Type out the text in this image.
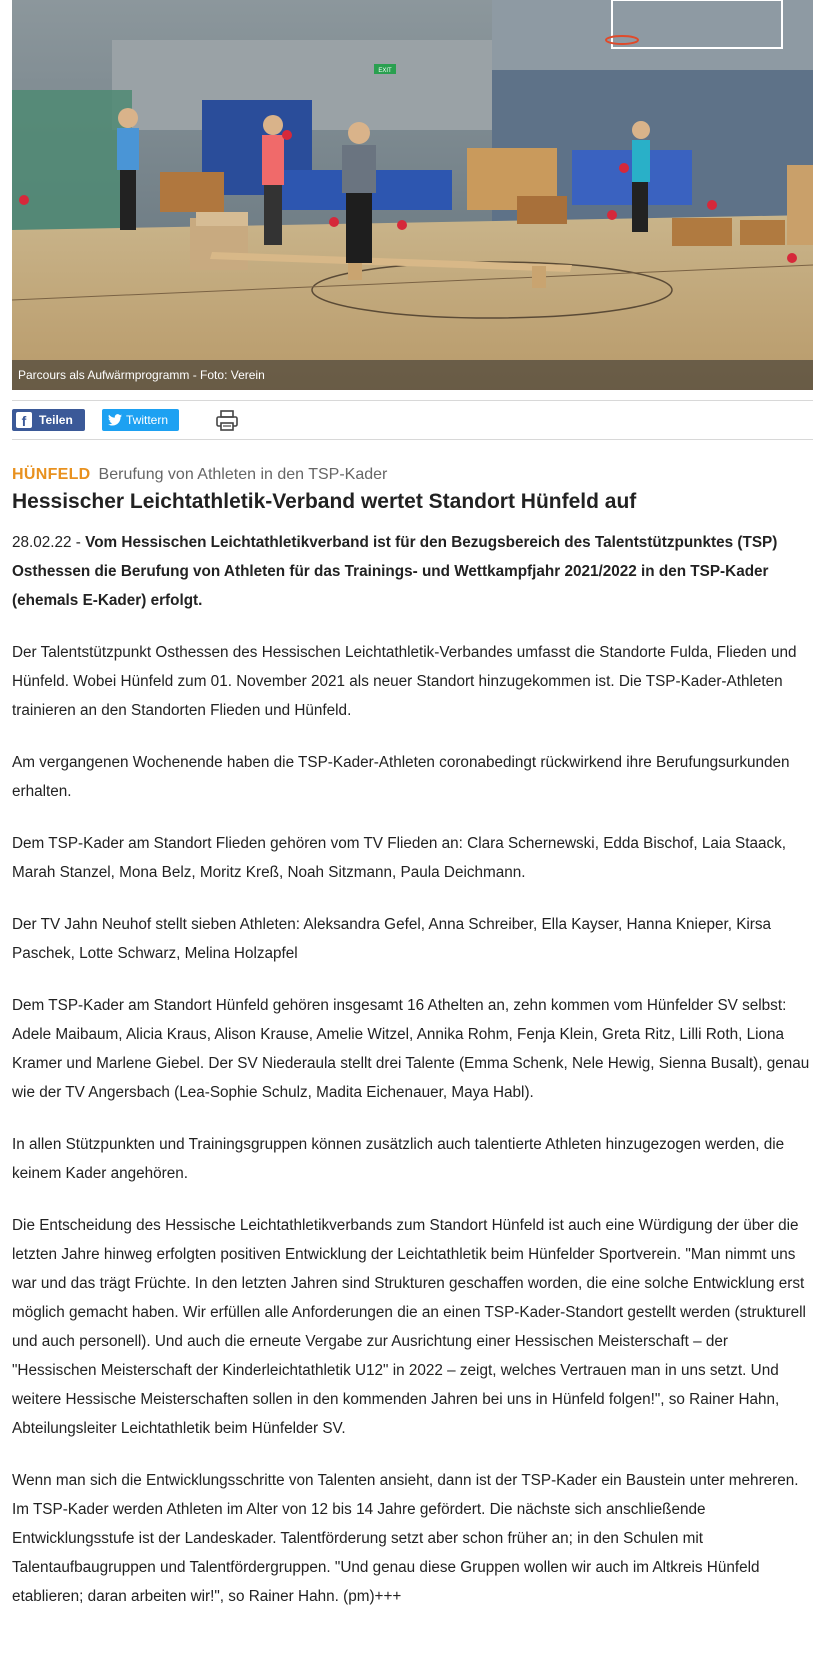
EXIT
Parcours als Aufwärmprogramm - Foto: Verein
f	Teilen	Twittern
HÜNFELD Berufung von Athleten in den TSP-Kader
Hessischer Leichtathletik-Verband wertet Standort Hünfeld auf

28.02.22 - Vom Hessischen Leichtathletikverband ist für den Bezugsbereich des Talentstützpunktes (TSP) Osthessen die Berufung von Athleten für das Trainings- und Wettkampfjahr 2021/2022 in den TSP-Kader (ehemals E-Kader) erfolgt.

Der Talentstützpunkt Osthessen des Hessischen Leichtathletik-Verbandes umfasst die Standorte Fulda, Flieden und Hünfeld. Wobei Hünfeld zum 01. November 2021 als neuer Standort hinzugekommen ist. Die TSP-Kader-Athleten trainieren an den Standorten Flieden und Hünfeld.

Am vergangenen Wochenende haben die TSP-Kader-Athleten coronabedingt rückwirkend ihre Berufungsurkunden erhalten.

Dem TSP-Kader am Standort Flieden gehören vom TV Flieden an: Clara Schernewski, Edda Bischof, Laia Staack, Marah Stanzel, Mona Belz, Moritz Kreß, Noah Sitzmann, Paula Deichmann.

Der TV Jahn Neuhof stellt sieben Athleten: Aleksandra Gefel, Anna Schreiber, Ella Kayser, Hanna Knieper, Kirsa Paschek, Lotte Schwarz, Melina Holzapfel

Dem TSP-Kader am Standort Hünfeld gehören insgesamt 16 Athelten an, zehn kommen vom Hünfelder SV selbst: Adele Maibaum, Alicia Kraus, Alison Krause, Amelie Witzel, Annika Rohm, Fenja Klein, Greta Ritz, Lilli Roth, Liona Kramer und Marlene Giebel. Der SV Niederaula stellt drei Talente (Emma Schenk, Nele Hewig, Sienna Busalt), genau wie der TV Angersbach (Lea-Sophie Schulz, Madita Eichenauer, Maya Habl).

In allen Stützpunkten und Trainingsgruppen können zusätzlich auch talentierte Athleten hinzugezogen werden, die keinem Kader angehören.

Die Entscheidung des Hessische Leichtathletikverbands zum Standort Hünfeld ist auch eine Würdigung der über die letzten Jahre hinweg erfolgten positiven Entwicklung der Leichtathletik beim Hünfelder Sportverein. "Man nimmt uns war und das trägt Früchte. In den letzten Jahren sind Strukturen geschaffen worden, die eine solche Entwicklung erst möglich gemacht haben. Wir erfüllen alle Anforderungen die an einen TSP-Kader-Standort gestellt werden (strukturell und auch personell). Und auch die erneute Vergabe zur Ausrichtung einer Hessischen Meisterschaft – der "Hessischen Meisterschaft der Kinderleichtathletik U12" in 2022 – zeigt, welches Vertrauen man in uns setzt. Und weitere Hessische Meisterschaften sollen in den kommenden Jahren bei uns in Hünfeld folgen!", so Rainer Hahn, Abteilungsleiter Leichtathletik beim Hünfelder SV.

Wenn man sich die Entwicklungsschritte von Talenten ansieht, dann ist der TSP-Kader ein Baustein unter mehreren. Im TSP-Kader werden Athleten im Alter von 12 bis 14 Jahre gefördert. Die nächste sich anschließende Entwicklungsstufe ist der Landeskader. Talentförderung setzt aber schon früher an; in den Schulen mit Talentaufbaugruppen und Talentfördergruppen. "Und genau diese Gruppen wollen wir auch im Altkreis Hünfeld etablieren; daran arbeiten wir!", so Rainer Hahn. (pm)+++
